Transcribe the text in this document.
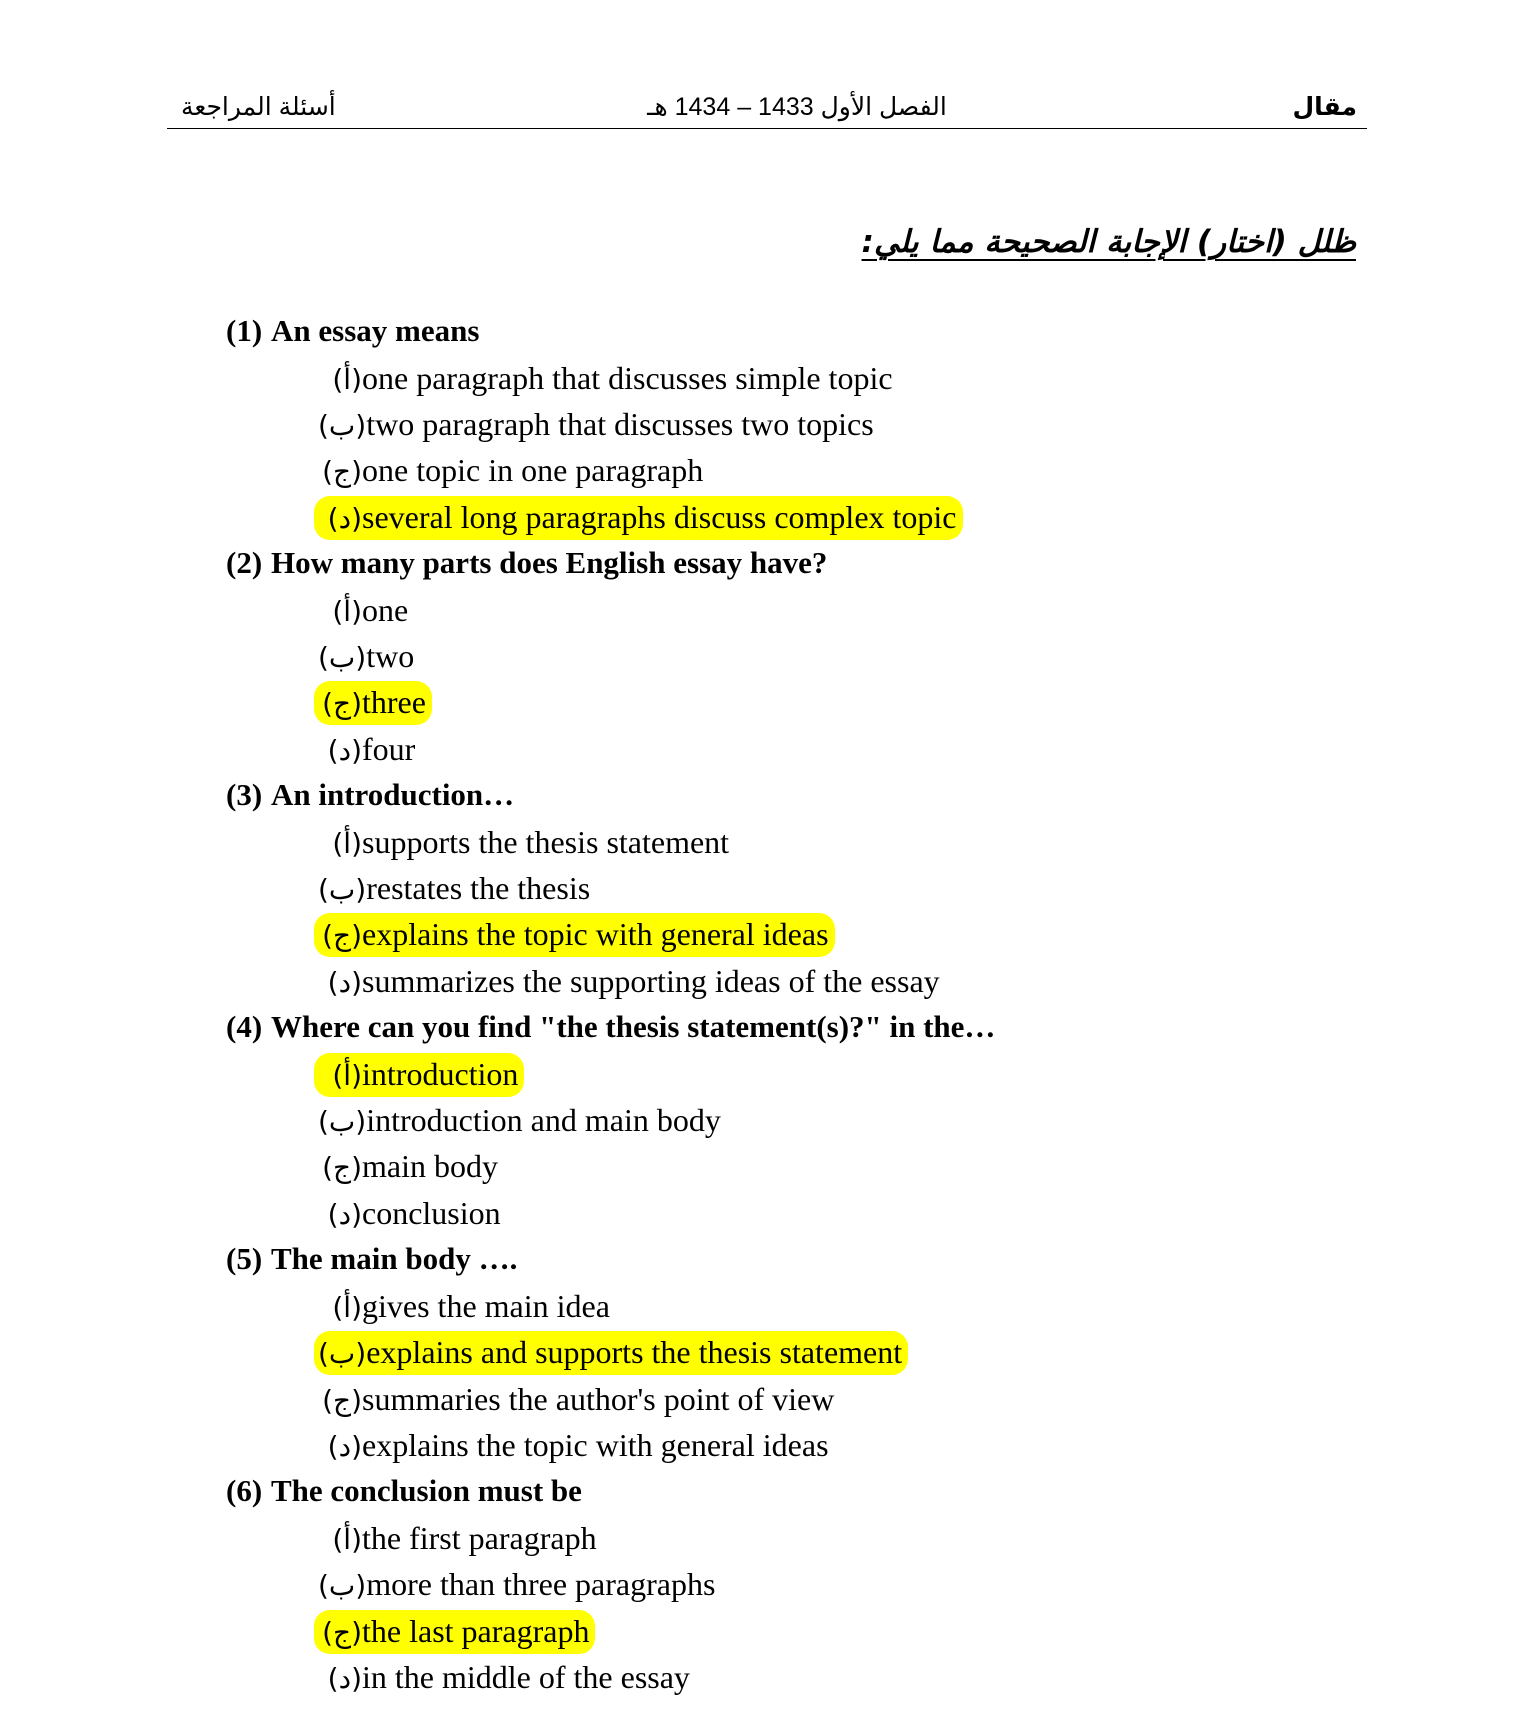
مقال
الفصل الأول 1433 – 1434 هـ
أسئلة المراجعة
ظلل (اختار) الإجابة الصحيحة مما يلي:
(1) An essay means
(أ)one paragraph that discusses simple topic
(ب)two paragraph that discusses two topics
(ج)one topic in one paragraph
(د)several long paragraphs discuss complex topic
(2) How many parts does English essay have?
(أ)one
(ب)two
(ج)three
(د)four
(3) An introduction…
(أ)supports the thesis statement
(ب)restates the thesis
(ج)explains the topic with general ideas
(د)summarizes the supporting ideas of the essay
(4) Where can you find "the thesis statement(s)?" in the…
(أ)introduction
(ب)introduction and main body
(ج)main body
(د)conclusion
(5) The main body ….
(أ)gives the main idea
(ب)explains and supports the thesis statement
(ج)summaries the author's point of view
(د)explains the topic with general ideas
(6) The conclusion must be
(أ)the first paragraph
(ب)more than three paragraphs
(ج)the last paragraph
(د)in the middle of the essay
